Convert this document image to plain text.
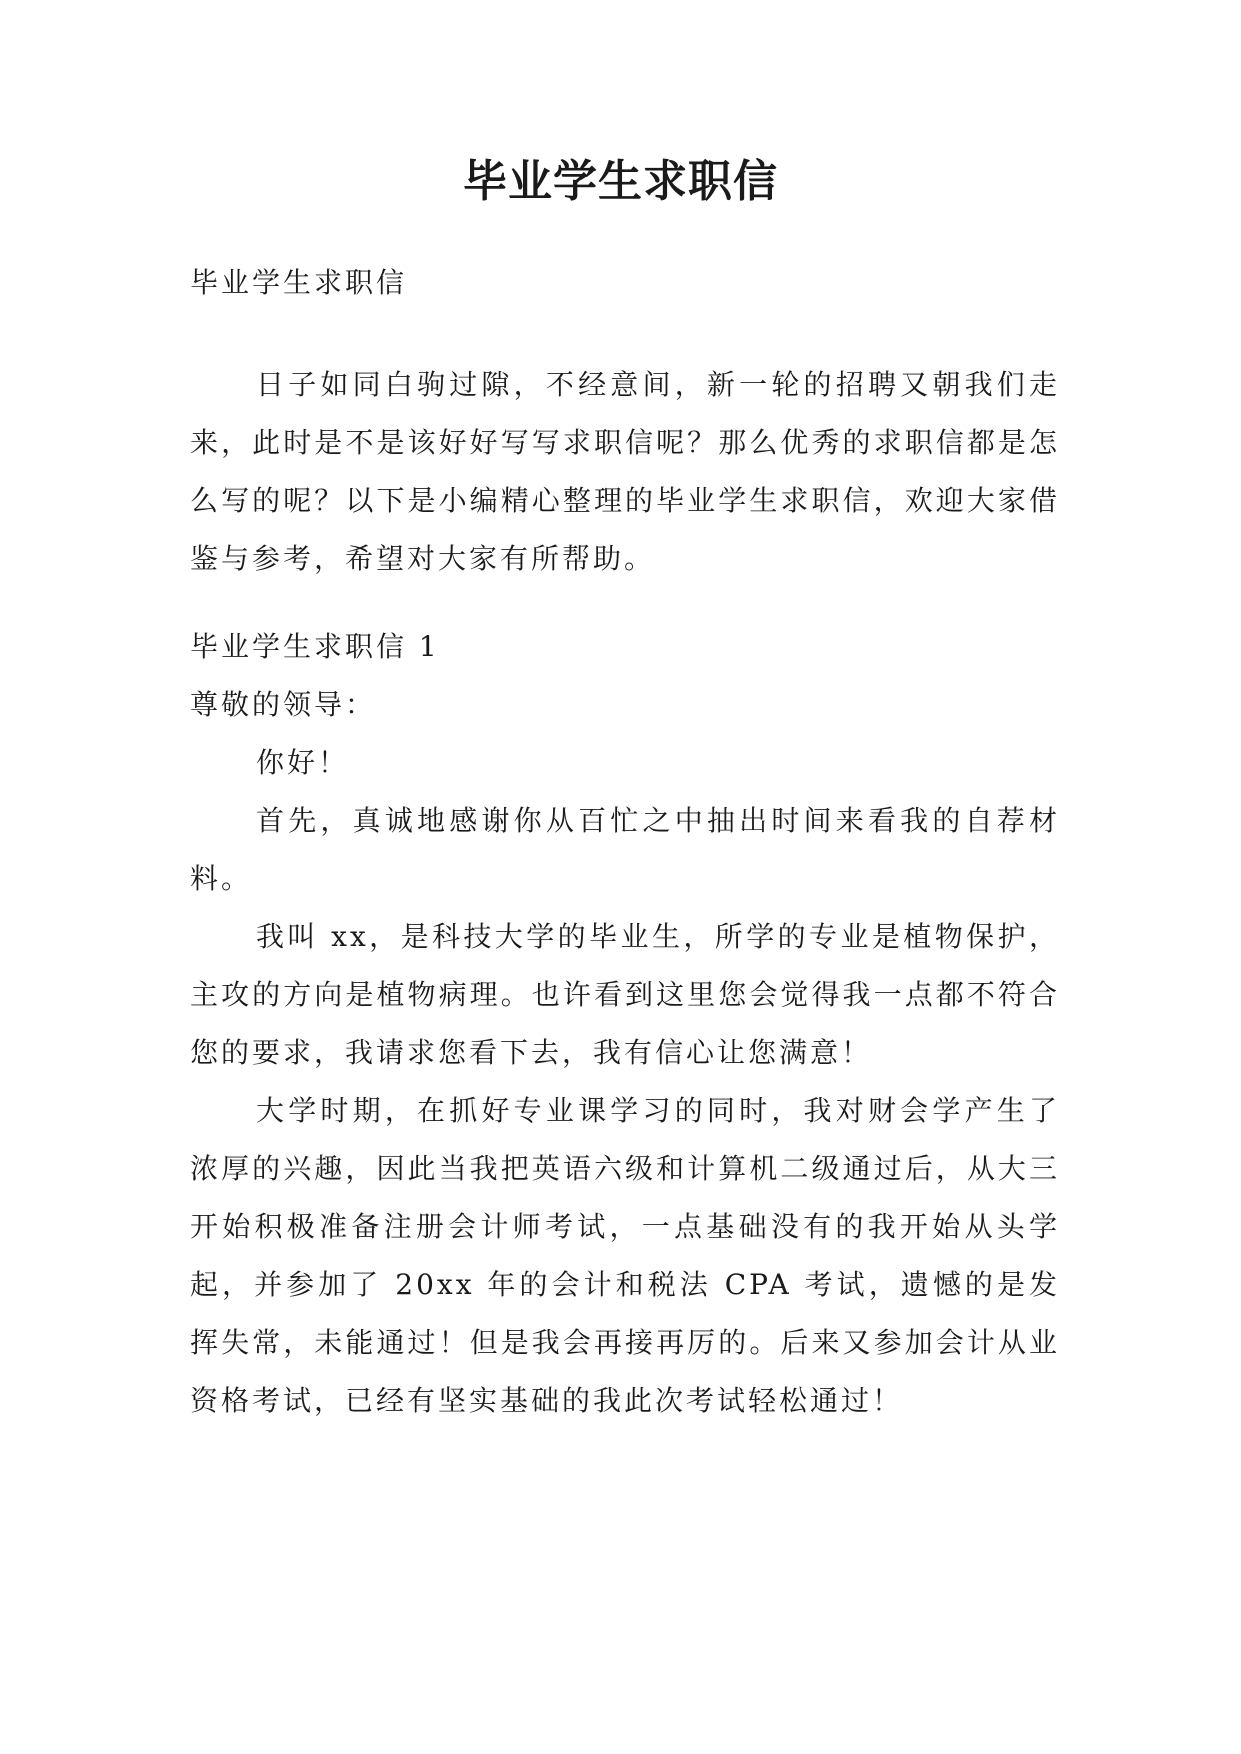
毕业学生求职信

毕业学生求职信

日子如同白驹过隙，不经意间，新一轮的招聘又朝我们走来，此时是不是该好好写写求职信呢？那么优秀的求职信都是怎么写的呢？以下是小编精心整理的毕业学生求职信，欢迎大家借鉴与参考，希望对大家有所帮助。

毕业学生求职信 1

尊敬的领导：

你好！

首先，真诚地感谢你从百忙之中抽出时间来看我的自荐材料。

我叫 xx，是科技大学的毕业生，所学的专业是植物保护，主攻的方向是植物病理。也许看到这里您会觉得我一点都不符合您的要求，我请求您看下去，我有信心让您满意！

大学时期，在抓好专业课学习的同时，我对财会学产生了浓厚的兴趣，因此当我把英语六级和计算机二级通过后，从大三开始积极准备注册会计师考试，一点基础没有的我开始从头学起，并参加了 20xx 年的会计和税法 CPA 考试，遗憾的是发挥失常，未能通过！但是我会再接再厉的。后来又参加会计从业资格考试，已经有坚实基础的我此次考试轻松通过！
